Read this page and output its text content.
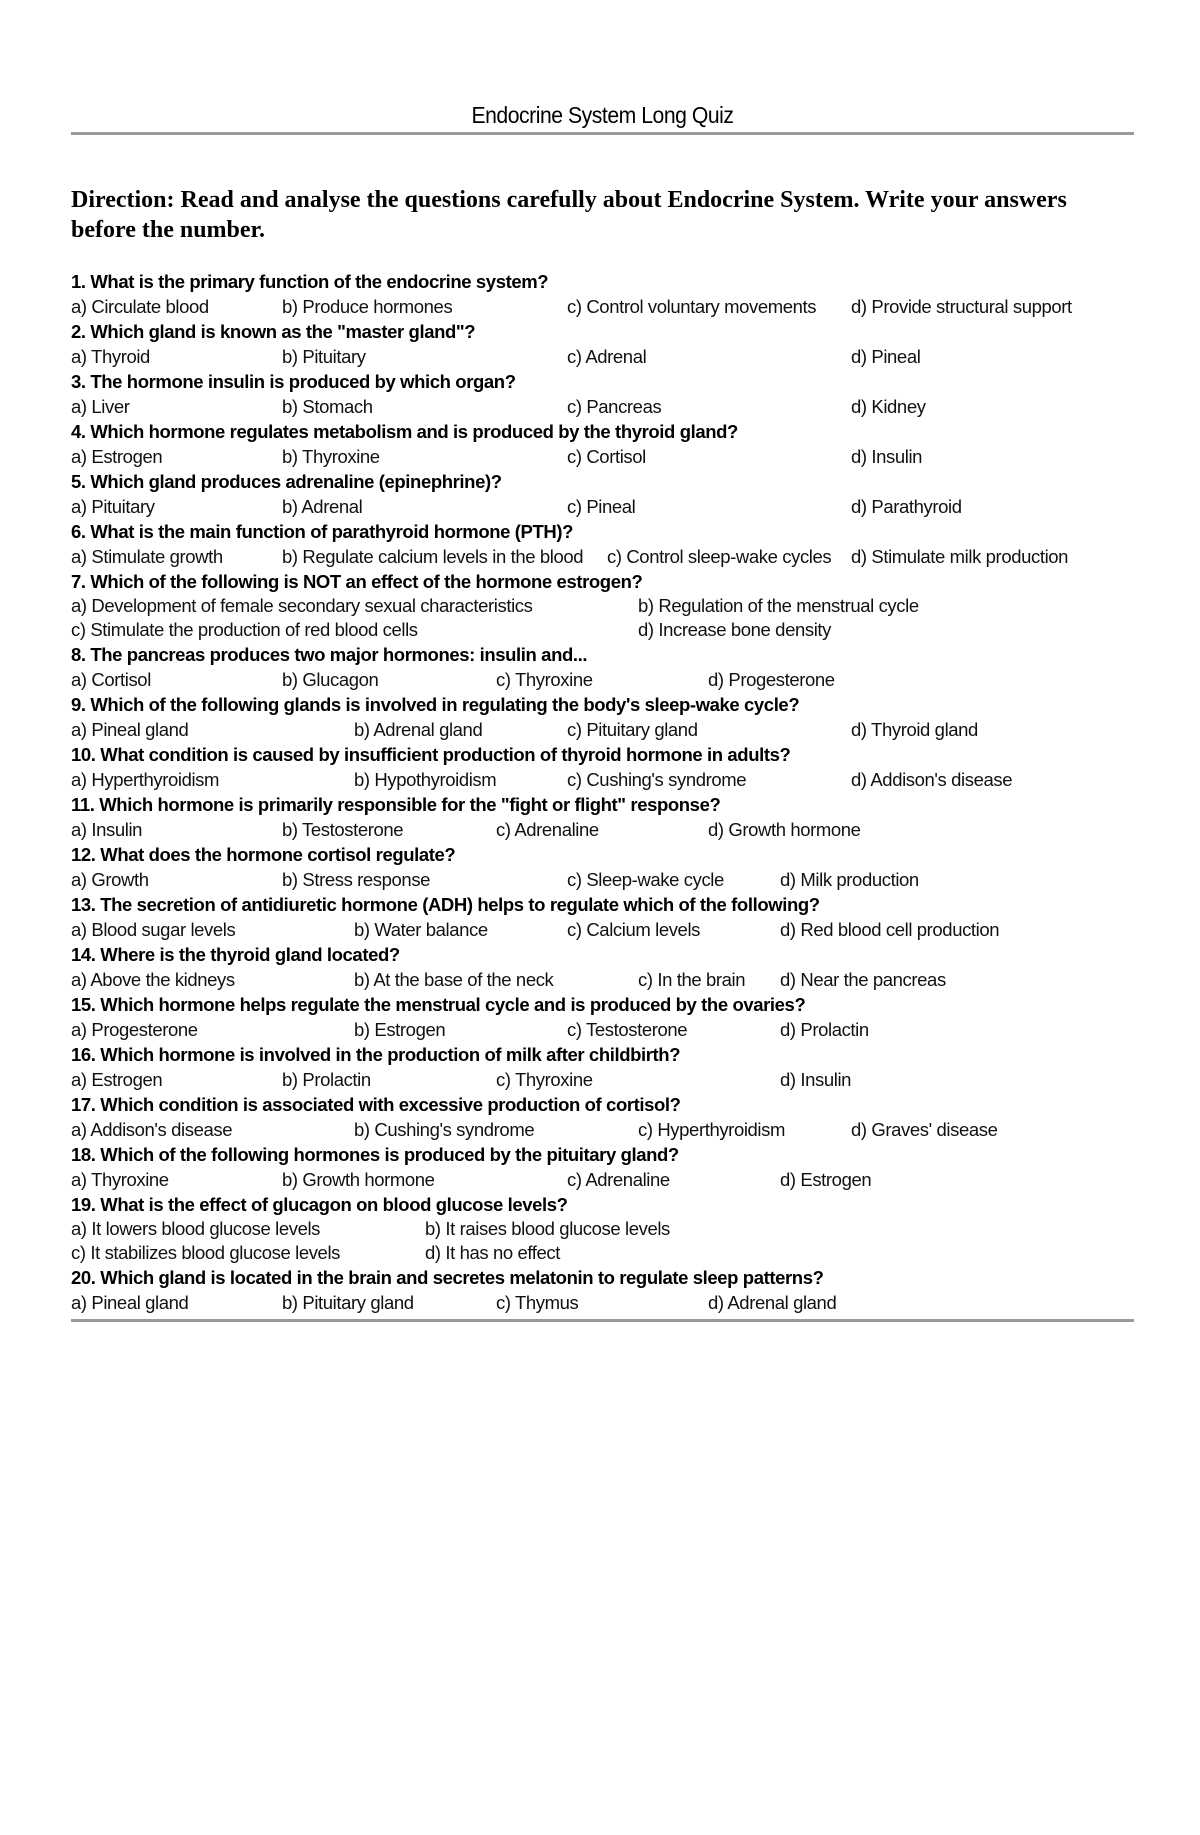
Endocrine System Long Quiz
Direction: Read and analyse the questions carefully about Endocrine System. Write your answers before the number.
1. What is the primary function of the endocrine system?
a) Circulate blood	b) Produce hormones	c) Control voluntary movements d) Provide structural support
2. Which gland is known as the "master gland"?
a) Thyroid	b) Pituitary	c) Adrenal	d) Pineal
3. The hormone insulin is produced by which organ?
a) Liver	b) Stomach	c) Pancreas	d) Kidney
4. Which hormone regulates metabolism and is produced by the thyroid gland?
a) Estrogen	b) Thyroxine	c) Cortisol	d) Insulin
5. Which gland produces adrenaline (epinephrine)?
a) Pituitary	b) Adrenal	c) Pineal	d) Parathyroid
6. What is the main function of parathyroid hormone (PTH)?
a) Stimulate growth	b) Regulate calcium levels in the blood c) Control sleep-wake cycles d) Stimulate milk production
7. Which of the following is NOT an effect of the hormone estrogen?
a) Development of female secondary sexual characteristics	b) Regulation of the menstrual cycle
c) Stimulate the production of red blood cells	d) Increase bone density
8. The pancreas produces two major hormones: insulin and...
a) Cortisol	b) Glucagon	c) Thyroxine	d) Progesterone
9. Which of the following glands is involved in regulating the body's sleep-wake cycle?
a) Pineal gland	b) Adrenal gland	c) Pituitary gland	d) Thyroid gland
10. What condition is caused by insufficient production of thyroid hormone in adults?
a) Hyperthyroidism	b) Hypothyroidism	c) Cushing's syndrome	d) Addison's disease
11. Which hormone is primarily responsible for the "fight or flight" response?
a) Insulin	b) Testosterone	c) Adrenaline	d) Growth hormone
12. What does the hormone cortisol regulate?
a) Growth	b) Stress response	c) Sleep-wake cycle	d) Milk production
13. The secretion of antidiuretic hormone (ADH) helps to regulate which of the following?
a) Blood sugar levels	b) Water balance	c) Calcium levels	d) Red blood cell production
14. Where is the thyroid gland located?
a) Above the kidneys	b) At the base of the neck	c) In the brain d) Near the pancreas
15. Which hormone helps regulate the menstrual cycle and is produced by the ovaries?
a) Progesterone	b) Estrogen	c) Testosterone	d) Prolactin
16. Which hormone is involved in the production of milk after childbirth?
a) Estrogen	b) Prolactin	c) Thyroxine	d) Insulin
17. Which condition is associated with excessive production of cortisol?
a) Addison's disease	b) Cushing's syndrome	c) Hyperthyroidism	d) Graves' disease
18. Which of the following hormones is produced by the pituitary gland?
a) Thyroxine	b) Growth hormone	c) Adrenaline	d) Estrogen
19. What is the effect of glucagon on blood glucose levels?
a) It lowers blood glucose levels	b) It raises blood glucose levels
c) It stabilizes blood glucose levels	d) It has no effect
20. Which gland is located in the brain and secretes melatonin to regulate sleep patterns?
a) Pineal gland	b) Pituitary gland	c) Thymus	d) Adrenal gland
